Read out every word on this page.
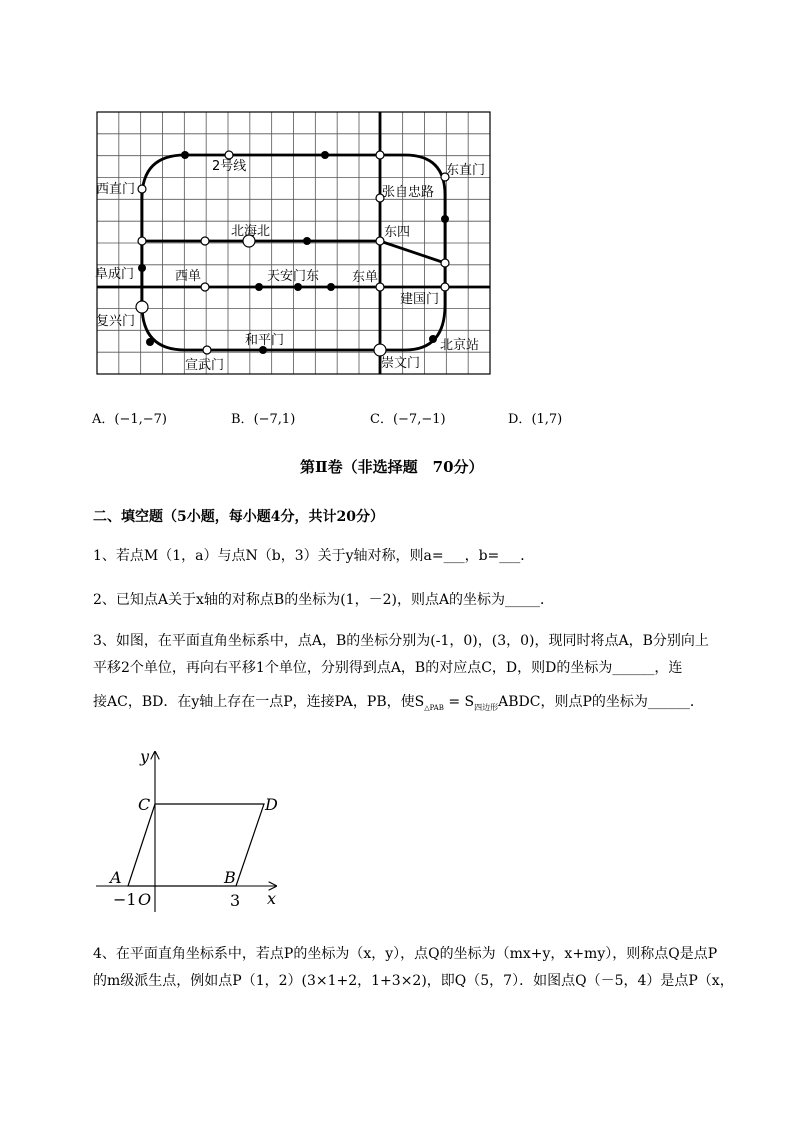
2号线	东直门
西直门	张自忠路
北海北	东四
阜成门	西单	天安门东	东单
建国门
复兴门
和平门	北京站
宣武门	崇文门
A．(−1,−7)	B．(−7,1)	C．(−7,−1)	D．(1,7)
第Ⅱ卷（非选择题　70分）
二、填空题（5小题，每小题4分，共计20分）
1、若点M（1，a）与点N（b，3）关于y轴对称，则a=___，b=___．
2、已知点A关于x轴的对称点B的坐标为(1，－2)，则点A的坐标为_____．
3、如图，在平面直角坐标系中，点A，B的坐标分别为(-1，0)，(3，0)，现同时将点A，B分别向上
平移2个单位，再向右平移1个单位，分别得到点A，B的对应点C，D，则D的坐标为______，连
接AC，BD．在y轴上存在一点P，连接PA，PB，使$S_{\triangle PAB}$ = $S_{四边形}ABDC$，则点P的坐标为______．
y
x
C	D
A	B
O
−1	3
4、在平面直角坐标系中，若点P的坐标为（x，y），点Q的坐标为（mx+y，x+my），则称点Q是点P
的m级派生点，例如点P（1，2）(3×1+2，1+3×2)，即Q（5，7）．如图点Q（－5，4）是点P（x，
